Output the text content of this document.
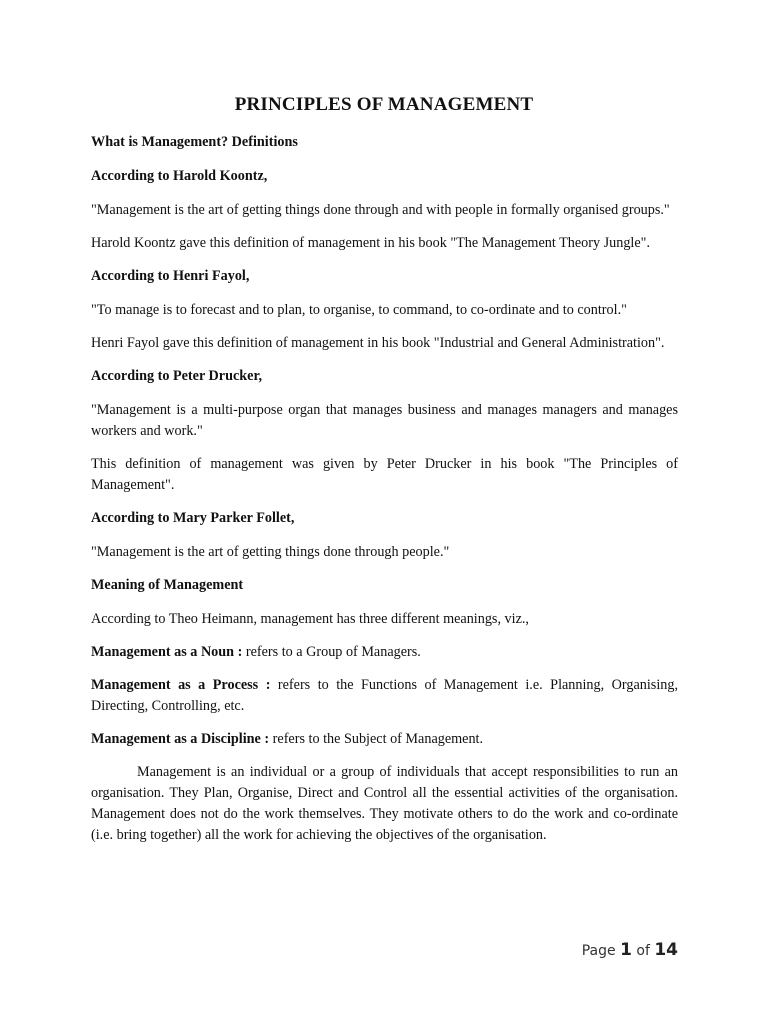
PRINCIPLES OF MANAGEMENT

What is Management? Definitions

According to Harold Koontz,

"Management is the art of getting things done through and with people in formally organised groups."

Harold Koontz gave this definition of management in his book "The Management Theory Jungle".

According to Henri Fayol,

"To manage is to forecast and to plan, to organise, to command, to co-ordinate and to control."

Henri Fayol gave this definition of management in his book "Industrial and General Administration".

According to Peter Drucker,

"Management is a multi-purpose organ that manages business and manages managers and manages workers and work."

This definition of management was given by Peter Drucker in his book "The Principles of Management".

According to Mary Parker Follet,

"Management is the art of getting things done through people."

Meaning of Management

According to Theo Heimann, management has three different meanings, viz.,

Management as a Noun : refers to a Group of Managers.

Management as a Process : refers to the Functions of Management i.e. Planning, Organising, Directing, Controlling, etc.

Management as a Discipline : refers to the Subject of Management.

Management is an individual or a group of individuals that accept responsibilities to run an organisation. They Plan, Organise, Direct and Control all the essential activities of the organisation. Management does not do the work themselves. They motivate others to do the work and co-ordinate (i.e. bring together) all the work for achieving the objectives of the organisation.

Page 1 of 14
